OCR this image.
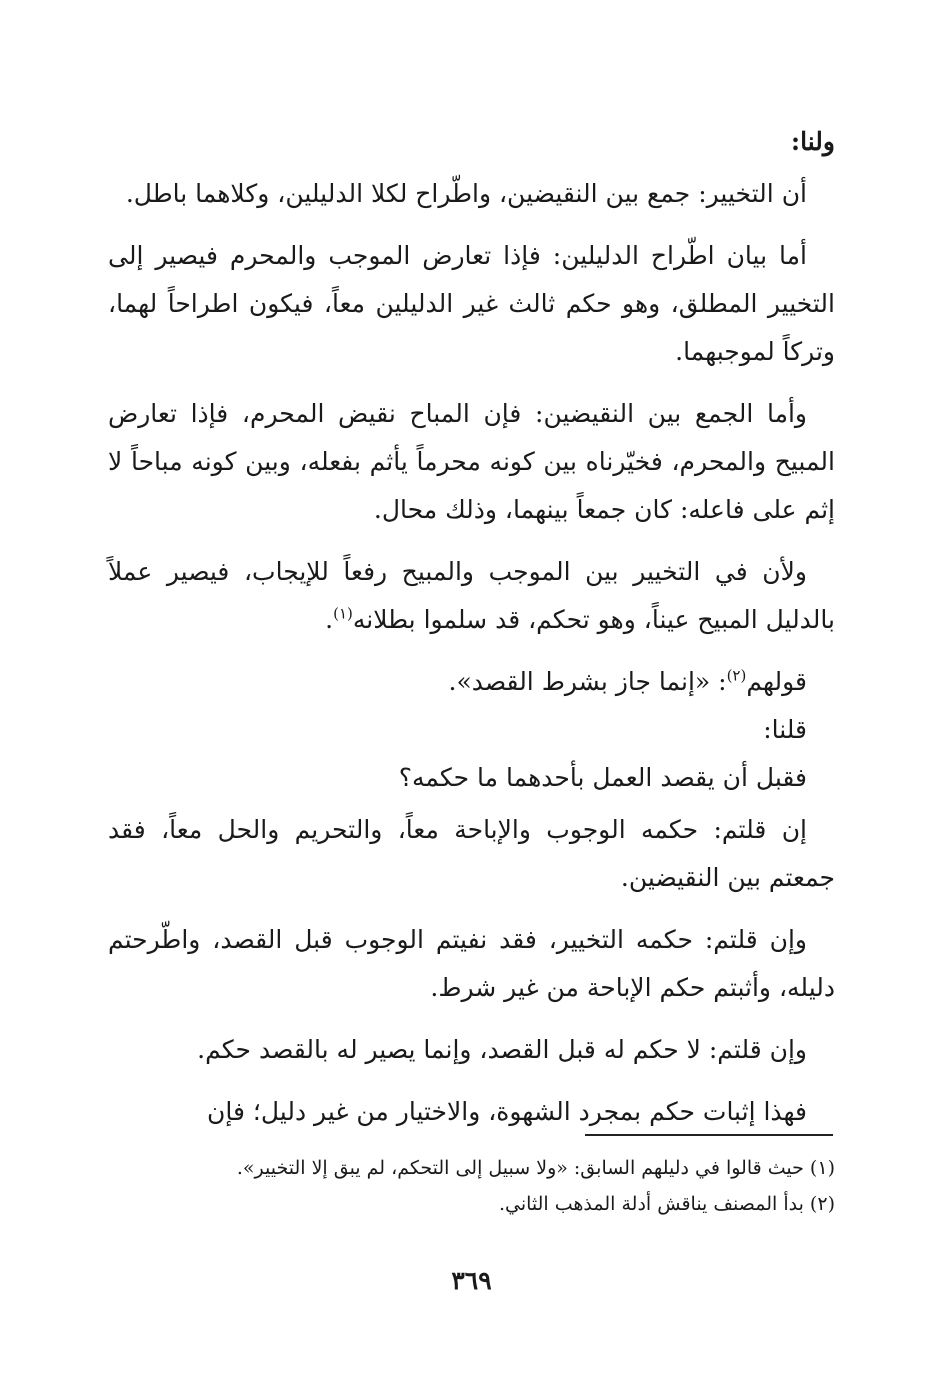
ولنا:

أن التخيير: جمع بين النقيضين، واطّراح لكلا الدليلين، وكلاهما باطل.

أما بيان اطّراح الدليلين: فإذا تعارض الموجب والمحرم فيصير إلى التخيير المطلق، وهو حكم ثالث غير الدليلين معاً، فيكون اطراحاً لهما، وتركاً لموجبهما.

وأما الجمع بين النقيضين: فإن المباح نقيض المحرم، فإذا تعارض المبيح والمحرم، فخيّرناه بين كونه محرماً يأثم بفعله، وبين كونه مباحاً لا إثم على فاعله: كان جمعاً بينهما، وذلك محال.

ولأن في التخيير بين الموجب والمبيح رفعاً للإيجاب، فيصير عملاً بالدليل المبيح عيناً، وهو تحكم، قد سلموا بطلانه$^{(١)}$.

قولهم$^{(٢)}$: «إنما جاز بشرط القصد».

قلنا:

فقبل أن يقصد العمل بأحدهما ما حكمه؟

إن قلتم: حكمه الوجوب والإباحة معاً، والتحريم والحل معاً، فقد جمعتم بين النقيضين.

وإن قلتم: حكمه التخيير، فقد نفيتم الوجوب قبل القصد، واطّرحتم دليله، وأثبتم حكم الإباحة من غير شرط.

وإن قلتم: لا حكم له قبل القصد، وإنما يصير له بالقصد حكم.

فهذا إثبات حكم بمجرد الشهوة، والاختيار من غير دليل؛ فإن

(١) حيث قالوا في دليلهم السابق: «ولا سبيل إلى التحكم، لم يبق إلا التخيير».

(٢) بدأ المصنف يناقش أدلة المذهب الثاني.

٣٦٩
